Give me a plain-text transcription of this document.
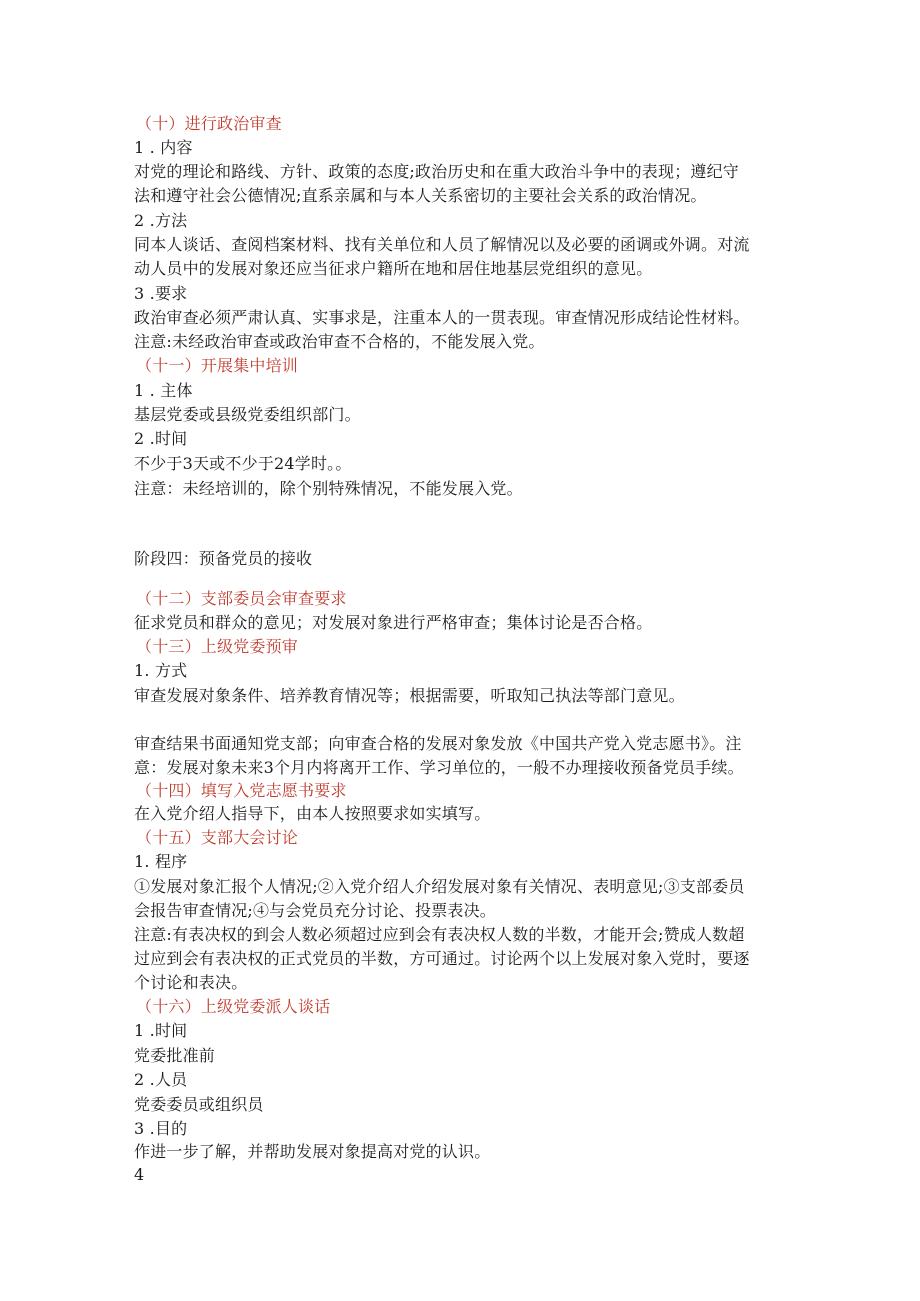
（十）进行政治审查
1 . 内容
对党的理论和路线、方针、政策的态度;政治历史和在重大政治斗争中的表现；遵纪守
法和遵守社会公德情况;直系亲属和与本人关系密切的主要社会关系的政治情况。
2 .方法
同本人谈话、查阅档案材料、找有关单位和人员了解情况以及必要的函调或外调。对流
动人员中的发展对象还应当征求户籍所在地和居住地基层党组织的意见。
3 .要求
政治审查必须严肃认真、实事求是，注重本人的一贯表现。审查情况形成结论性材料。
注意:未经政治审查或政治审查不合格的，不能发展入党。
（十一）开展集中培训
1 . 主体
基层党委或县级党委组织部门。
2 .时间
不少于3天或不少于24学时。。
注意：未经培训的，除个别特殊情况，不能发展入党。
阶段四：预备党员的接收
（十二）支部委员会审查要求
征求党员和群众的意见；对发展对象进行严格审查；集体讨论是否合格。
（十三）上级党委预审
1. 方式
审查发展对象条件、培养教育情况等；根据需要，听取知己执法等部门意见。
审查结果书面通知党支部；向审查合格的发展对象发放《中国共产党入党志愿书》。注
意：发展对象未来3个月内将离开工作、学习单位的，一般不办理接收预备党员手续。
（十四）填写入党志愿书要求
在入党介绍人指导下，由本人按照要求如实填写。
（十五）支部大会讨论
1. 程序
①发展对象汇报个人情况;②入党介绍人介绍发展对象有关情况、表明意见;③支部委员
会报告审查情况;④与会党员充分讨论、投票表决。
注意:有表决权的到会人数必须超过应到会有表决权人数的半数，才能开会;赞成人数超
过应到会有表决权的正式党员的半数，方可通过。讨论两个以上发展对象入党时，要逐
个讨论和表决。
（十六）上级党委派人谈话
1 .时间
党委批准前
2 .人员
党委委员或组织员
3 .目的
作进一步了解，并帮助发展对象提高对党的认识。
4
